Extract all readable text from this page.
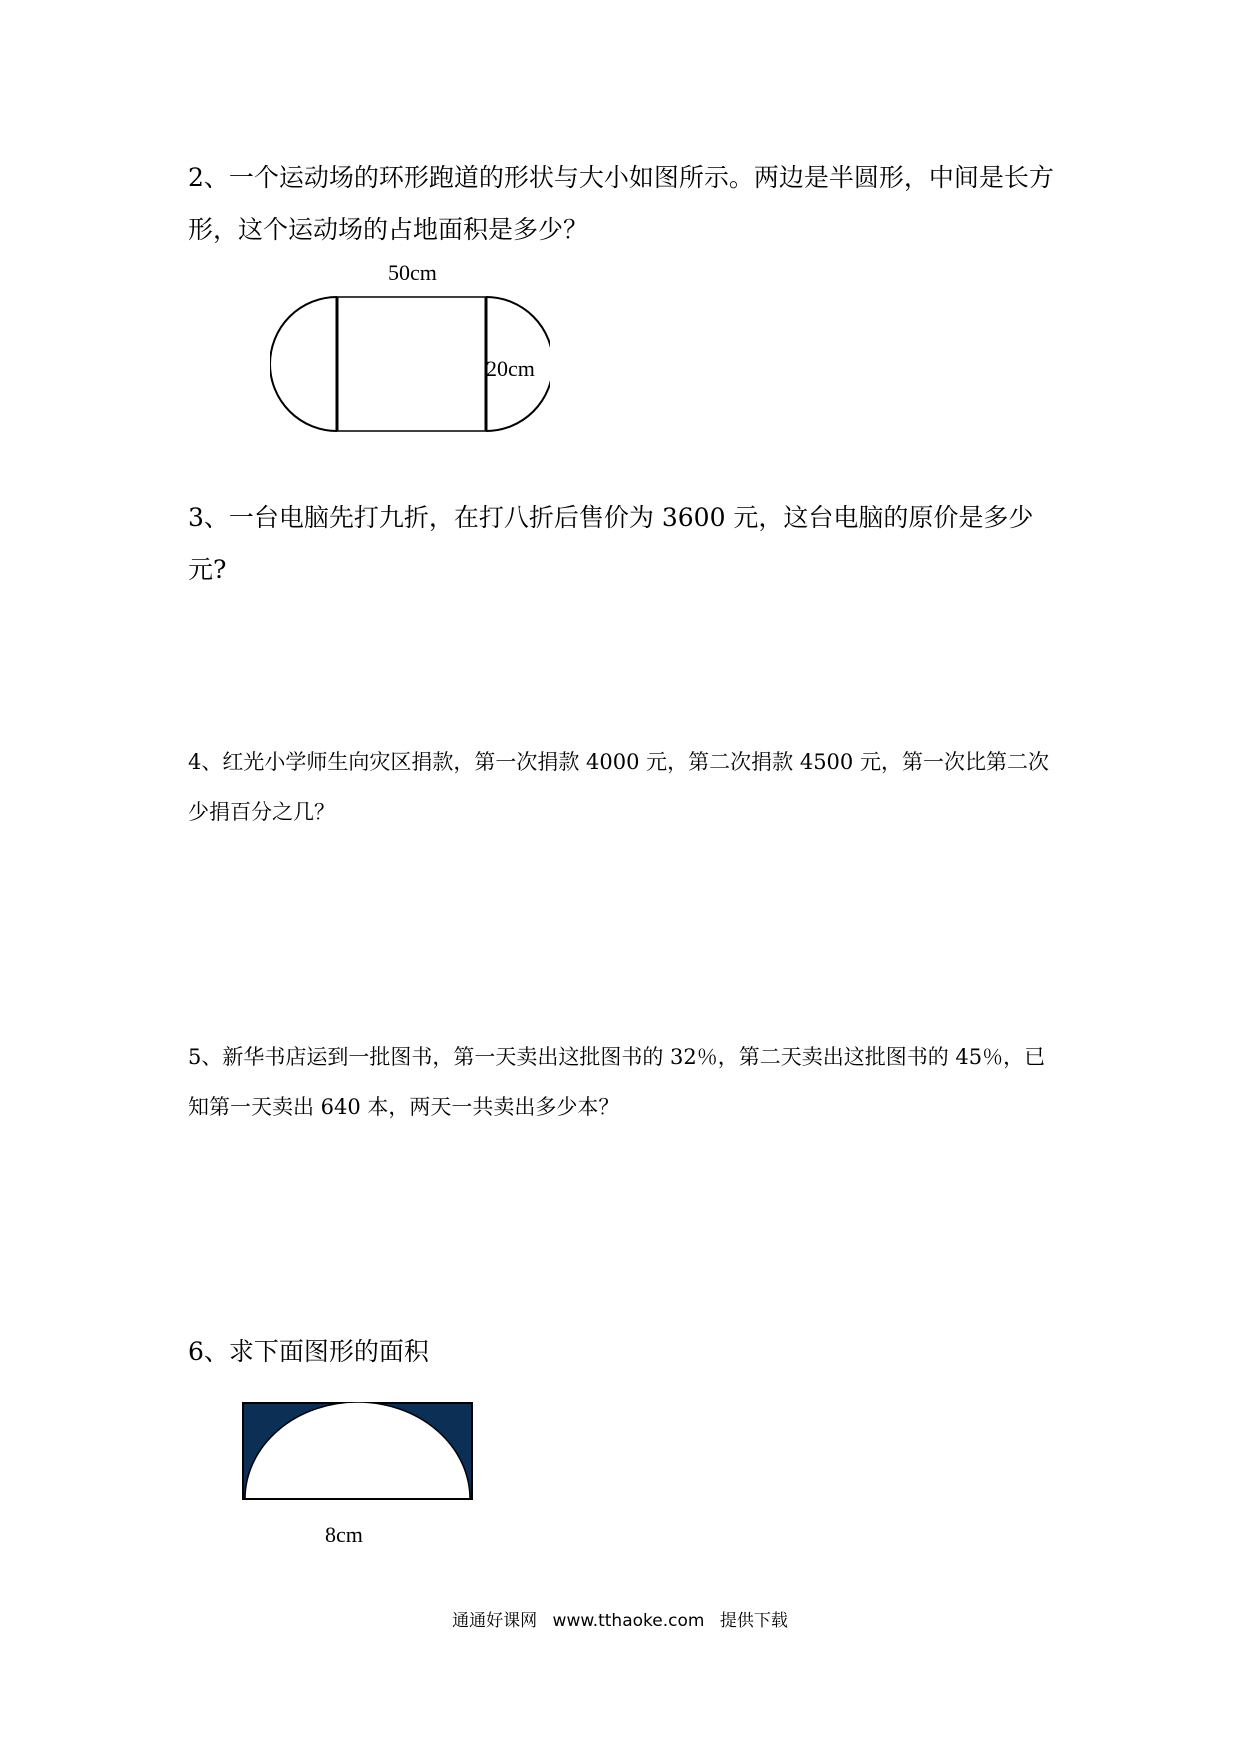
2、一个运动场的环形跑道的形状与大小如图所示。两边是半圆形，中间是长方

形，这个运动场的占地面积是多少？

50cm
20cm

3、一台电脑先打九折，在打八折后售价为 3600 元，这台电脑的原价是多少元?

4、红光小学师生向灾区捐款，第一次捐款 4000 元，第二次捐款 4500 元，第一次比第二次

少捐百分之几？

5、新华书店运到一批图书，第一天卖出这批图书的 32％，第二天卖出这批图书的 45％，已

知第一天卖出 640 本，两天一共卖出多少本？

6、求下面图形的面积

8cm
通通好课网 www.tthaoke.com 提供下载
